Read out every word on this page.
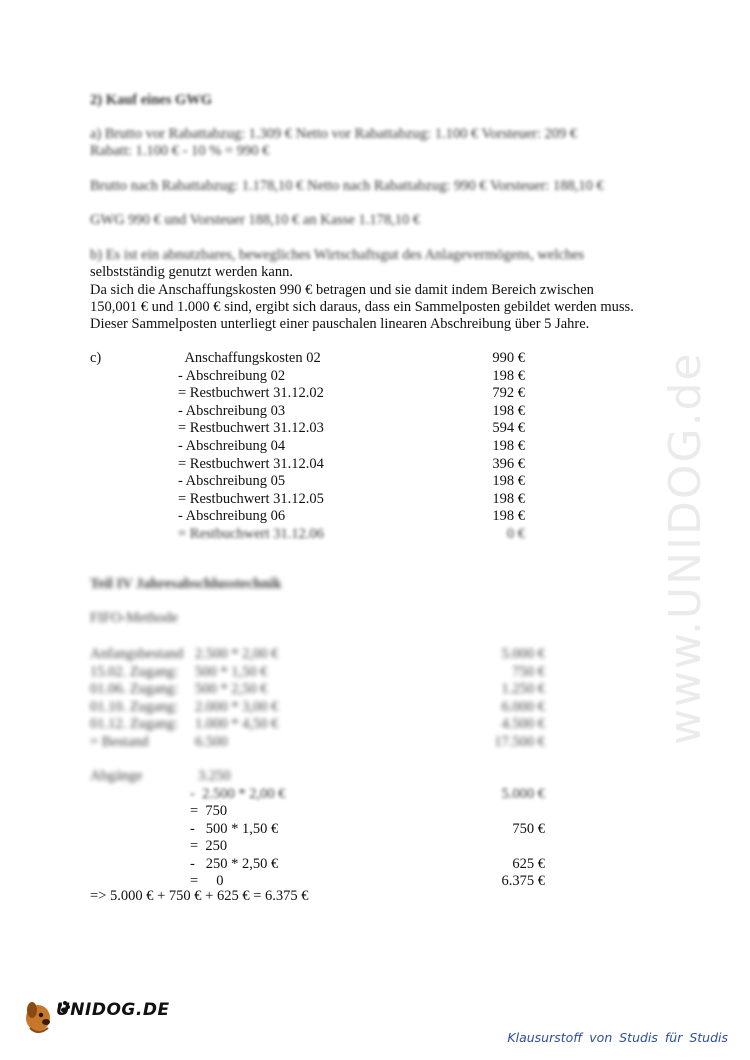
2) Kauf eines GWG
a) Brutto vor Rabattabzug: 1.309 € Netto vor Rabattabzug: 1.100 € Vorsteuer: 209 €
Rabatt: 1.100 € - 10 % = 990 €
Brutto nach Rabattabzug: 1.178,10 € Netto nach Rabattabzug: 990 € Vorsteuer: 188,10 €
GWG 990 € und Vorsteuer 188,10 € an Kasse 1.178,10 €
b) Es ist ein abnutzbares, bewegliches Wirtschaftsgut des Anlagevermögens, welches
selbstständig genutzt werden kann.
Da sich die Anschaffungskosten 990 € betragen und sie damit indem Bereich zwischen
150,001 € und 1.000 € sind, ergibt sich daraus, dass ein Sammelposten gebildet werden muss.
Dieser Sammelposten unterliegt einer pauschalen linearen Abschreibung über 5 Jahre.
c)	Anschaffungskosten 02	990 €
- Abschreibung 02	198 €
= Restbuchwert 31.12.02	792 €
- Abschreibung 03	198 €
= Restbuchwert 31.12.03	594 €
- Abschreibung 04	198 €
= Restbuchwert 31.12.04	396 €
- Abschreibung 05	198 €
= Restbuchwert 31.12.05	198 €
- Abschreibung 06	198 €
= Restbuchwert 31.12.06	0 €
Teil IV Jahresabschlusstechnik
FIFO-Methode
Anfangsbestand 2.500 * 2,00 €	5.000 €
15.02. Zugang: 500 * 1,50 €	750 €
01.06. Zugang: 500 * 2,50 €	1.250 €
01.10. Zugang: 2.000 * 3,00 €	6.000 €
01.12. Zugang: 1.000 * 4,50 €	4.500 €
= Bestand	6.500	17.500 €
Abgänge	3.250
-  2.500 * 2,00 €	5.000 €
=  750
-   500 * 1,50 €	750 €
=  250
-   250 * 2,50 €	625 €
=     0	6.375 €
=> 5.000 € + 750 € + 625 € = 6.375 €
www.UNIDOG.de
UNIDOG.DE
Klausurstoff von Studis für Studis
